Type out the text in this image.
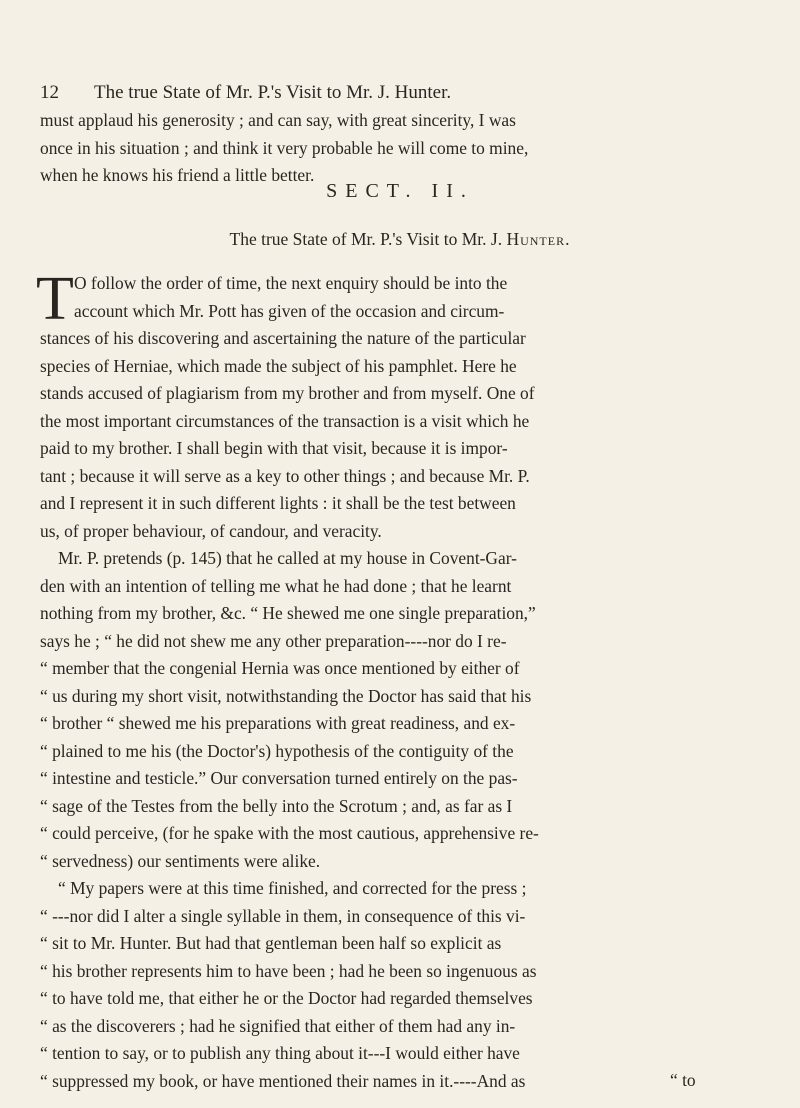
12 The true State of Mr. P.'s Visit to Mr. J. Hunter.
must applaud his generosity ; and can say, with great sincerity, I was
once in his situation ; and think it very probable he will come to mine,
when he knows his friend a little better.
SECT. II.
The true State of Mr. P.'s Visit to Mr. J. Hunter.
T O follow the order of time, the next enquiry should be into the
account which Mr. Pott has given of the occasion and circum-
stances of his discovering and ascertaining the nature of the particular
species of Herniae, which made the subject of his pamphlet. Here he
stands accused of plagiarism from my brother and from myself. One of
the most important circumstances of the transaction is a visit which he
paid to my brother. I shall begin with that visit, because it is impor-
tant ; because it will serve as a key to other things ; and because Mr. P.
and I represent it in such different lights : it shall be the test between
us, of proper behaviour, of candour, and veracity.
Mr. P. pretends (p. 145) that he called at my house in Covent-Gar-
den with an intention of telling me what he had done ; that he learnt
nothing from my brother, &c. “ He shewed me one single preparation,”
says he ; “ he did not shew me any other preparation----nor do I re-
“ member that the congenial Hernia was once mentioned by either of
“ us during my short visit, notwithstanding the Doctor has said that his
“ brother “ shewed me his preparations with great readiness, and ex-
“ plained to me his (the Doctor's) hypothesis of the contiguity of the
“ intestine and testicle.” Our conversation turned entirely on the pas-
“ sage of the Testes from the belly into the Scrotum ; and, as far as I
“ could perceive, (for he spake with the most cautious, apprehensive re-
“ servedness) our sentiments were alike.
“ My papers were at this time finished, and corrected for the press ;
“ ---nor did I alter a single syllable in them, in consequence of this vi-
“ sit to Mr. Hunter. But had that gentleman been half so explicit as
“ his brother represents him to have been ; had he been so ingenuous as
“ to have told me, that either he or the Doctor had regarded themselves
“ as the discoverers ; had he signified that either of them had any in-
“ tention to say, or to publish any thing about it---I would either have
“ suppressed my book, or have mentioned their names in it.----And as	“ to
